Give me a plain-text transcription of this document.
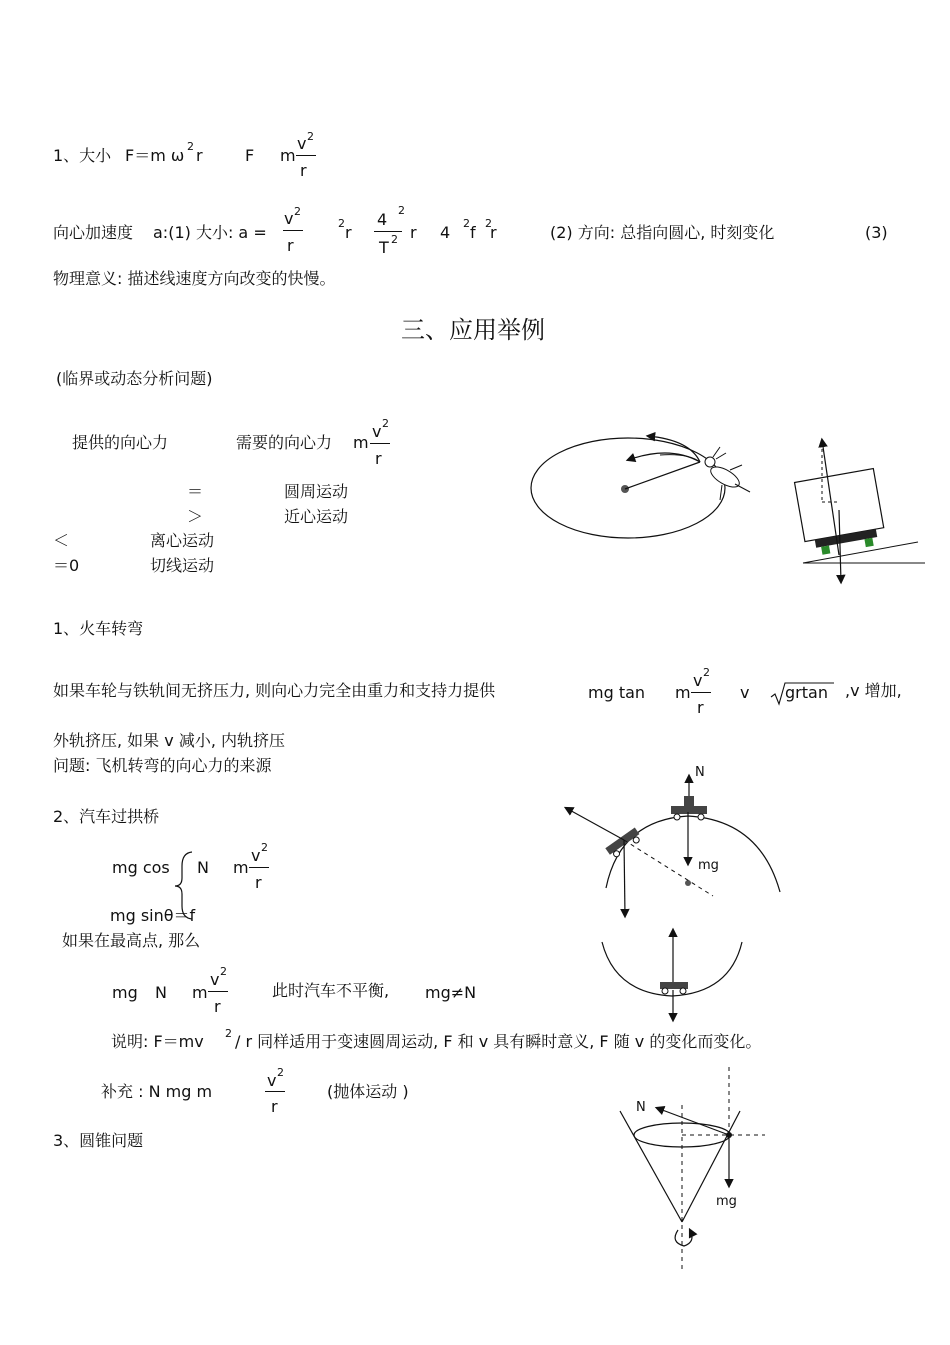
1、大小 F＝m ω 2 r	F m
v 2
r
向心加速度 a:(1) 大小: a =
v 2
r
2 r
4 2
T 2 r 4 2 f 2
r	(2) 方向: 总指向圆心, 时刻变化	(3)
物理意义: 描述线速度方向改变的快慢。
三、应用举例
(临界或动态分析问题)
提供的向心力	需要的向心力 m
v 2
r
＝	圆周运动
＞	近心运动
＜	离心运动
＝0	切线运动
1、火车转弯
如果车轮与铁轨间无挤压力, 则向心力完全由重力和支持力提供	mg tan m
v 2
r
v grtan ,v 增加,
外轨挤压, 如果 v 减小, 内轨挤压
问题: 飞机转弯的向心力的来源
2、汽车过拱桥
mg cos N m
v 2
r
mg sinθ＝f
如果在最高点, 那么
mg N m
v 2
r
此时汽车不平衡, mg≠N
说明: F＝mv 2 / r 同样适用于变速圆周运动, F 和 v 具有瞬时意义, F 随 v 的变化而变化。
补充 : N mg m
v 2
r
(抛体运动 )
3、圆锥问题
N
mg
N
mg
